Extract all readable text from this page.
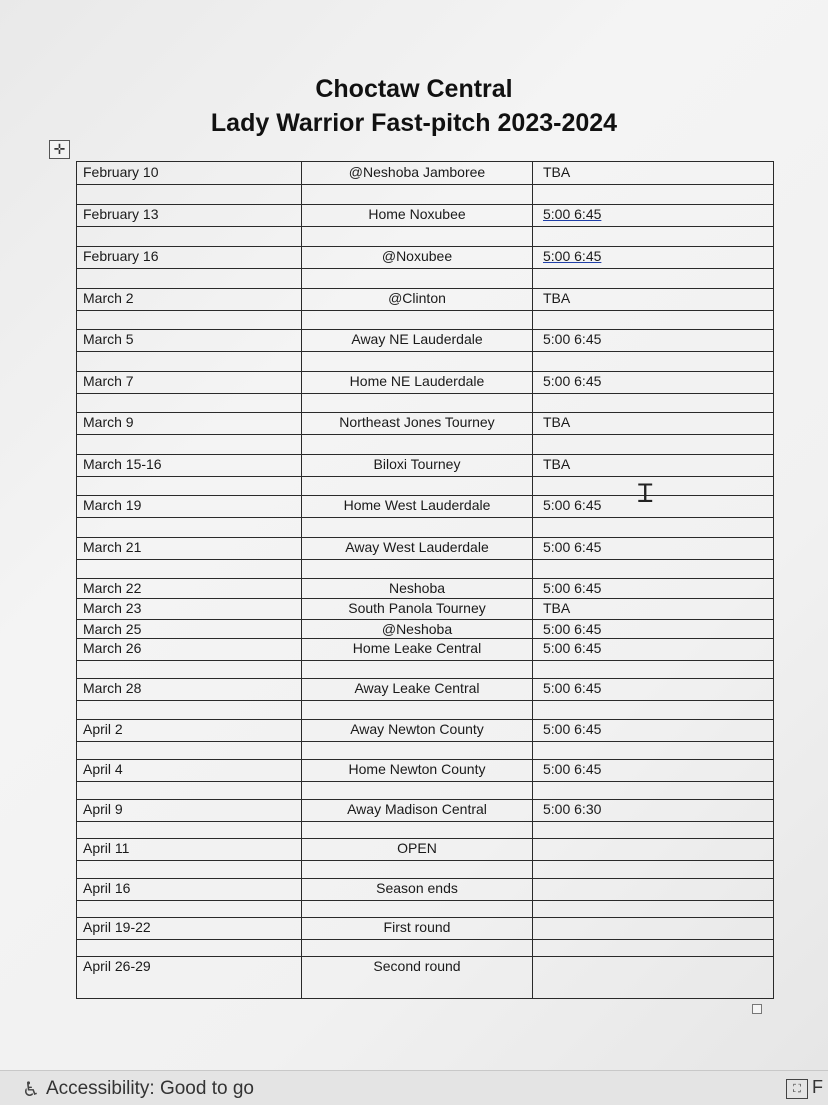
Choctaw Central
Lady Warrior Fast-pitch 2023-2024
✛
February 10	@Neshoba Jamboree	TBA
February 13	Home Noxubee	5:00 6:45
February 16	@Noxubee	5:00 6:45
March 2	@Clinton	TBA
March 5	Away NE Lauderdale	5:00 6:45
March 7	Home NE Lauderdale	5:00 6:45
March 9	Northeast Jones Tourney	TBA
March 15-16	Biloxi Tourney	TBA
March 19	Home West Lauderdale	5:00 6:45
March 21	Away West Lauderdale	5:00 6:45
March 22	Neshoba	5:00 6:45
March 23	South Panola Tourney	TBA
March 25	@Neshoba	5:00 6:45
March 26	Home Leake Central	5:00 6:45
March 28	Away Leake Central	5:00 6:45
April 2	Away Newton County	5:00 6:45
April 4	Home Newton County	5:00 6:45
April 9	Away Madison Central	5:00 6:30
April 11	OPEN
April 16	Season ends
April 19-22	First round
April 26-29	Second round
Ɪ
♿ Accessibility: Good to go	⛶ F
